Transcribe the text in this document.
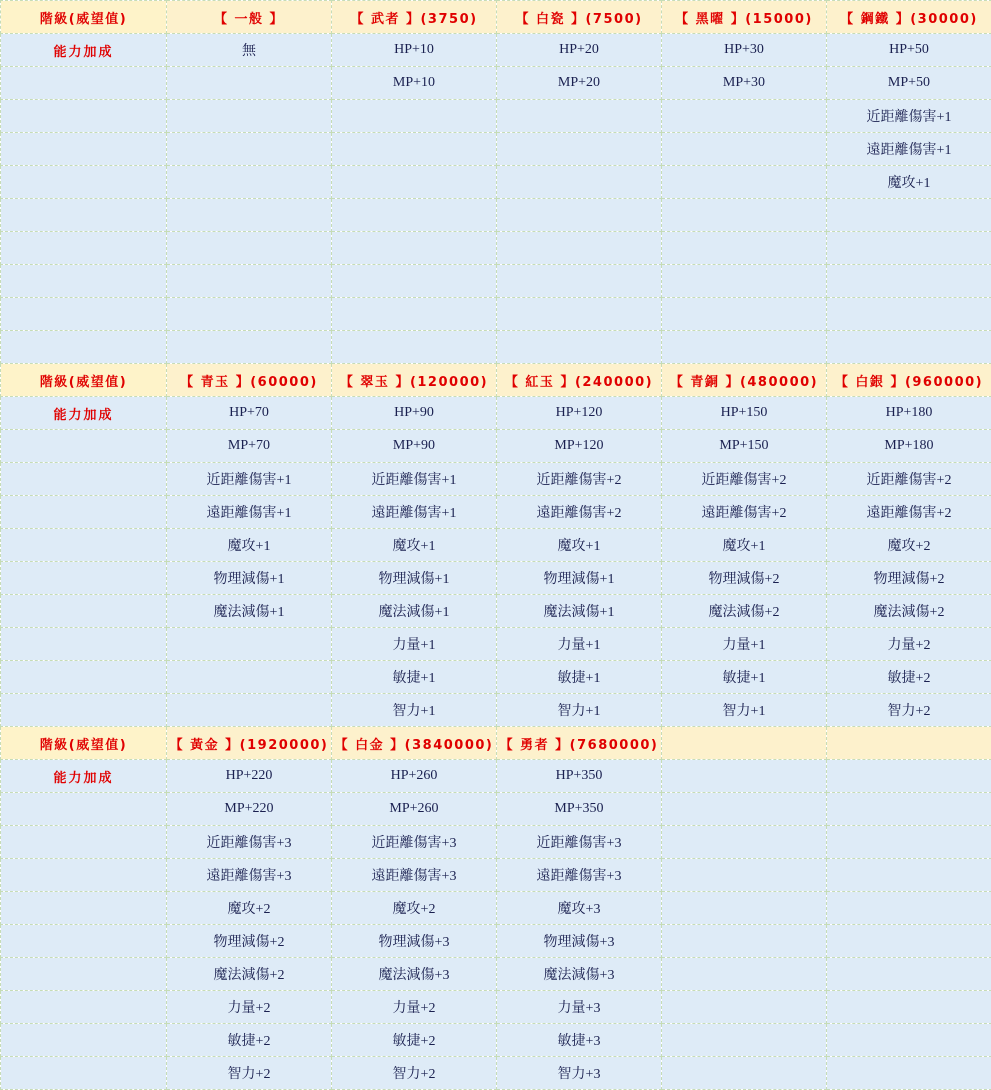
階級(威望值)	【 一般 】	【 武者 】(3750)	【 白瓷 】(7500)	【 黑曜 】(15000)	【 鋼鐵 】(30000)
能力加成	無	HP+10	HP+20	HP+30	HP+50
		MP+10	MP+20	MP+30	MP+50
					近距離傷害+1
					遠距離傷害+1
					魔攻+1

階級(威望值)	【 青玉 】(60000)	【 翠玉 】(120000)	【 紅玉 】(240000)	【 青銅 】(480000)	【 白銀 】(960000)
能力加成	HP+70	HP+90	HP+120	HP+150	HP+180
	MP+70	MP+90	MP+120	MP+150	MP+180
	近距離傷害+1	近距離傷害+1	近距離傷害+2	近距離傷害+2	近距離傷害+2
	遠距離傷害+1	遠距離傷害+1	遠距離傷害+2	遠距離傷害+2	遠距離傷害+2
	魔攻+1	魔攻+1	魔攻+1	魔攻+1	魔攻+2
	物理減傷+1	物理減傷+1	物理減傷+1	物理減傷+2	物理減傷+2
	魔法減傷+1	魔法減傷+1	魔法減傷+1	魔法減傷+2	魔法減傷+2
		力量+1	力量+1	力量+1	力量+2
		敏捷+1	敏捷+1	敏捷+1	敏捷+2
		智力+1	智力+1	智力+1	智力+2
階級(威望值)	【 黃金 】(1920000)	【 白金 】(3840000)	【 勇者 】(7680000)		
能力加成	HP+220	HP+260	HP+350		
	MP+220	MP+260	MP+350		
	近距離傷害+3	近距離傷害+3	近距離傷害+3		
	遠距離傷害+3	遠距離傷害+3	遠距離傷害+3		
	魔攻+2	魔攻+2	魔攻+3		
	物理減傷+2	物理減傷+3	物理減傷+3		
	魔法減傷+2	魔法減傷+3	魔法減傷+3		
	力量+2	力量+2	力量+3		
	敏捷+2	敏捷+2	敏捷+3		
	智力+2	智力+2	智力+3		
